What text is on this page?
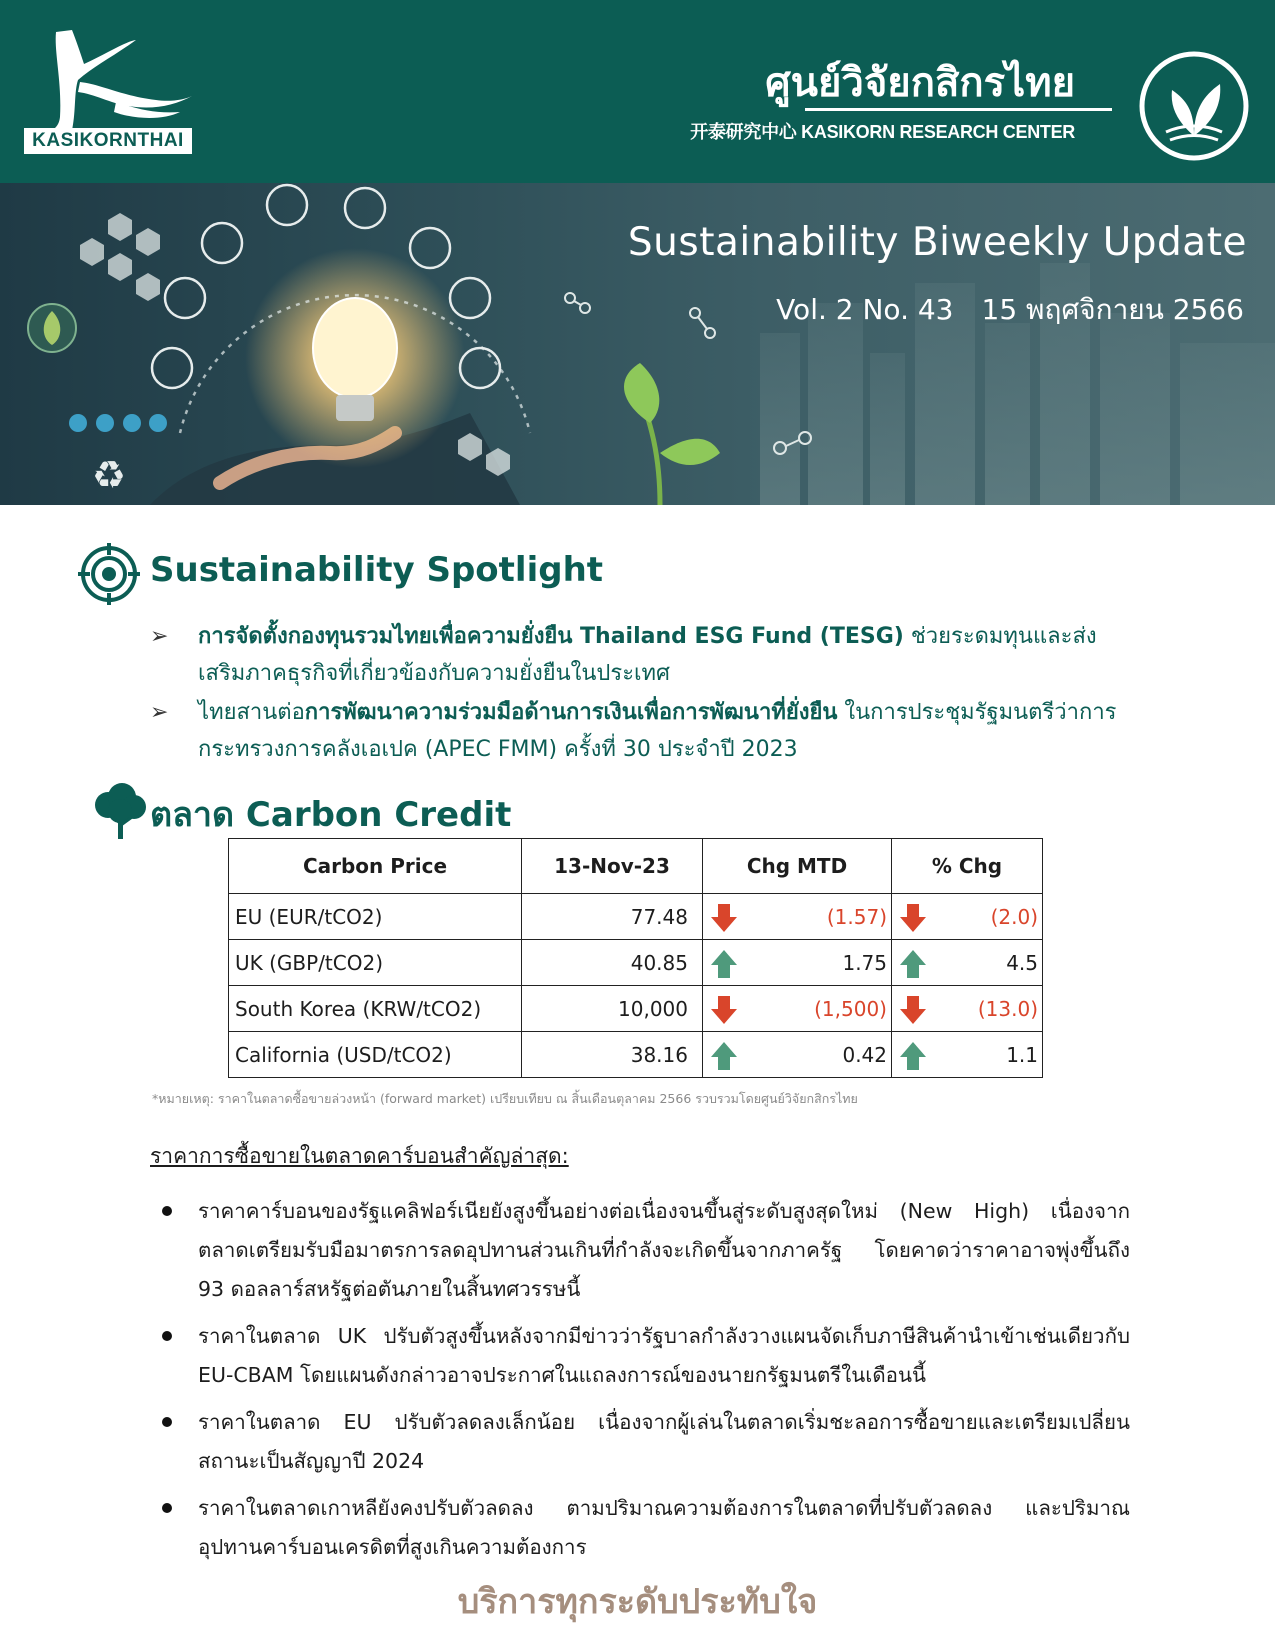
KASIKORNTHAI
ศูนย์วิจัยกสิกรไทย
开泰研究中心 KASIKORN RESEARCH CENTER
♻
Sustainability Biweekly Update
Vol. 2 No. 43 15 พฤศจิกายน 2566
Sustainability Spotlight
➢ การจัดตั้งกองทุนรวมไทยเพื่อความยั่งยืน Thailand ESG Fund (TESG) ช่วยระดมทุนและส่งเสริมภาคธุรกิจที่เกี่ยวข้องกับความยั่งยืนในประเทศ
➢ ไทยสานต่อการพัฒนาความร่วมมือด้านการเงินเพื่อการพัฒนาที่ยั่งยืน ในการประชุมรัฐมนตรีว่าการกระทรวงการคลังเอเปค (APEC FMM) ครั้งที่ 30 ประจำปี 2023
ตลาด Carbon Credit
Carbon Price	13-Nov-23	Chg MTD	% Chg
EU (EUR/tCO2)	77.48	(1.57)	(2.0)
UK (GBP/tCO2)	40.85	1.75	4.5
South Korea (KRW/tCO2)	10,000	(1,500)	(13.0)
California (USD/tCO2)	38.16	0.42	1.1
*หมายเหตุ: ราคาในตลาดซื้อขายล่วงหน้า (forward market) เปรียบเทียบ ณ สิ้นเดือนตุลาคม 2566 รวบรวมโดยศูนย์วิจัยกสิกรไทย
ราคาการซื้อขายในตลาดคาร์บอนสำคัญล่าสุด:
ราคาคาร์บอนของรัฐแคลิฟอร์เนียยังสูงขึ้นอย่างต่อเนื่องจนขึ้นสู่ระดับสูงสุดใหม่ (New High) เนื่องจากตลาดเตรียมรับมือมาตรการลดอุปทานส่วนเกินที่กำลังจะเกิดขึ้นจากภาครัฐ โดยคาดว่าราคาอาจพุ่งขึ้นถึง 93 ดอลลาร์สหรัฐต่อตันภายในสิ้นทศวรรษนี้
ราคาในตลาด UK ปรับตัวสูงขึ้นหลังจากมีข่าวว่ารัฐบาลกำลังวางแผนจัดเก็บภาษีสินค้านำเข้าเช่นเดียวกับ EU-CBAM โดยแผนดังกล่าวอาจประกาศในแถลงการณ์ของนายกรัฐมนตรีในเดือนนี้
ราคาในตลาด EU ปรับตัวลดลงเล็กน้อย เนื่องจากผู้เล่นในตลาดเริ่มชะลอการซื้อขายและเตรียมเปลี่ยนสถานะเป็นสัญญาปี 2024
ราคาในตลาดเกาหลียังคงปรับตัวลดลง ตามปริมาณความต้องการในตลาดที่ปรับตัวลดลง และปริมาณอุปทานคาร์บอนเครดิตที่สูงเกินความต้องการ
บริการทุกระดับประทับใจ
